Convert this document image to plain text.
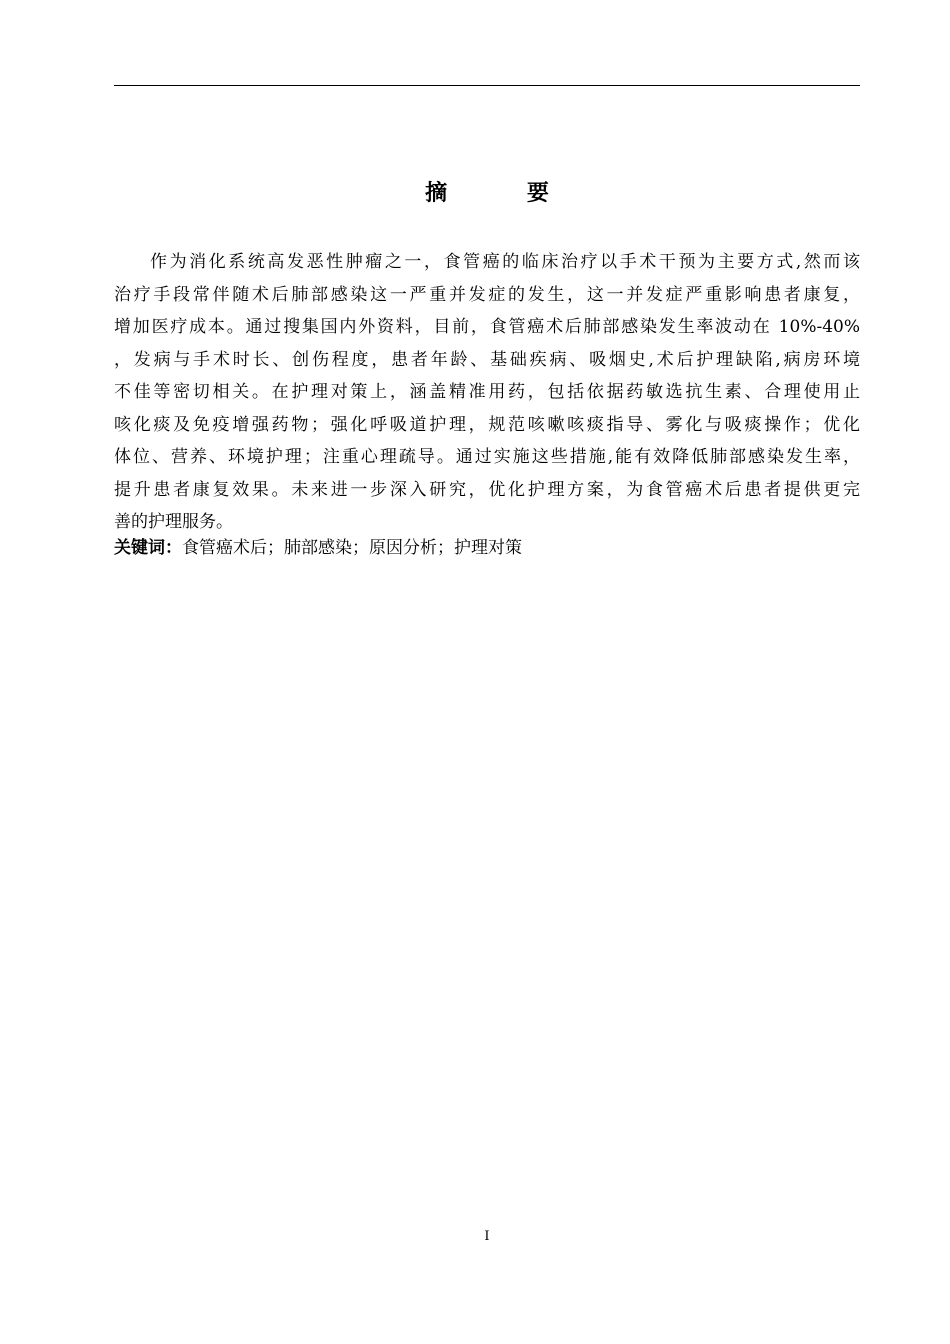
摘 要
作为消化系统高发恶性肿瘤之一，食管癌的临床治疗以手术干预为主要方式,然而该
治疗手段常伴随术后肺部感染这一严重并发症的发生，这一并发症严重影响患者康复，
增加医疗成本。通过搜集国内外资料，目前，食管癌术后肺部感染发生率波动在 10%-40%
，发病与手术时长、创伤程度，患者年龄、基础疾病、吸烟史,术后护理缺陷,病房环境
不佳等密切相关。在护理对策上，涵盖精准用药，包括依据药敏选抗生素、合理使用止
咳化痰及免疫增强药物；强化呼吸道护理，规范咳嗽咳痰指导、雾化与吸痰操作；优化
体位、营养、环境护理；注重心理疏导。通过实施这些措施,能有效降低肺部感染发生率，
提升患者康复效果。未来进一步深入研究，优化护理方案，为食管癌术后患者提供更完
善的护理服务。
关键词：食管癌术后；肺部感染；原因分析；护理对策
I
